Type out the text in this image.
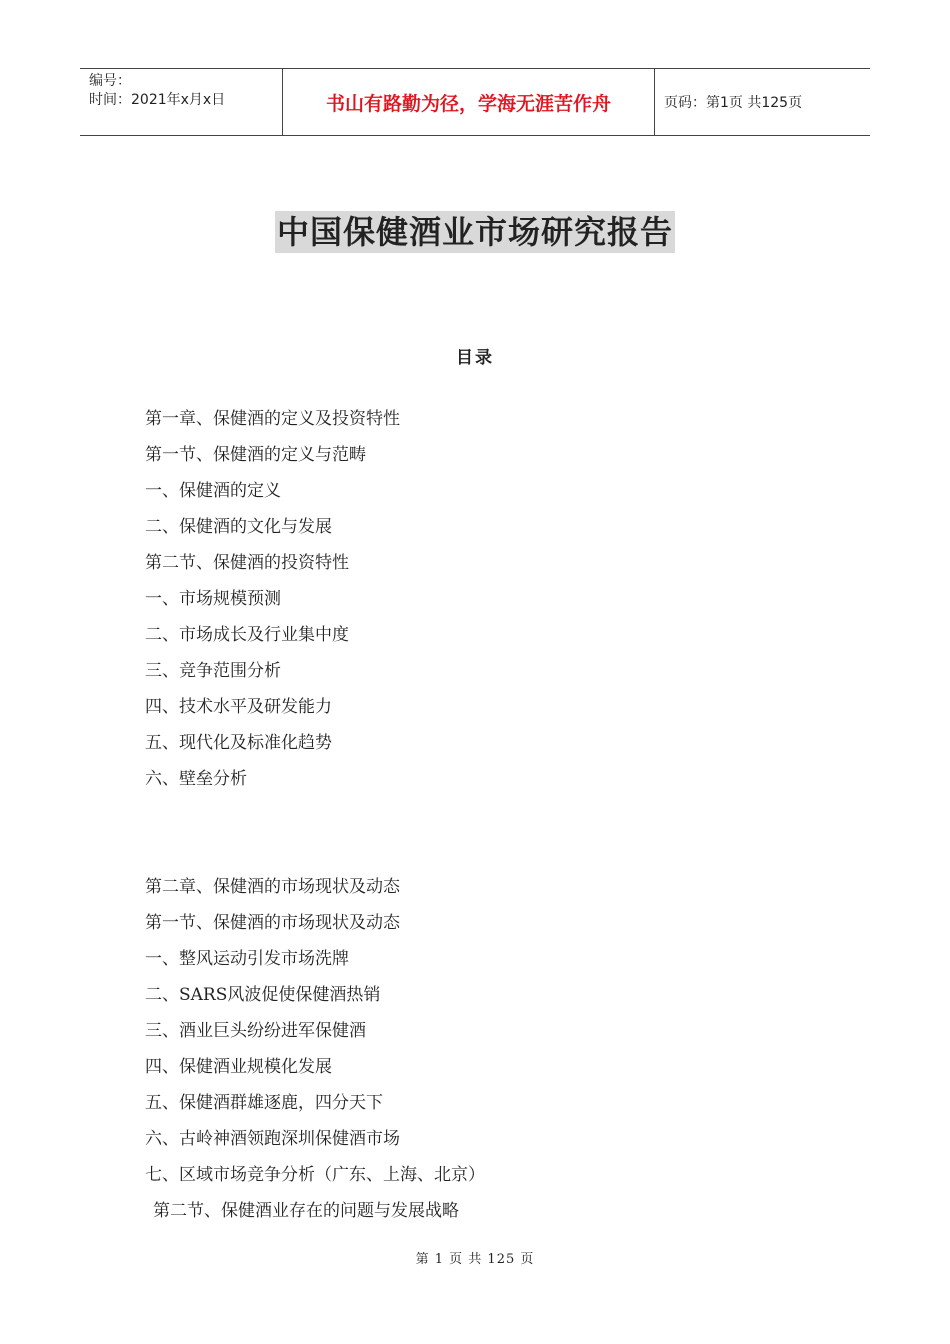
编号：
时间：2021年x月x日	书山有路勤为径，学海无涯苦作舟	页码：第1页 共125页
中国保健酒业市场研究报告
目录
第一章、保健酒的定义及投资特性
第一节、保健酒的定义与范畴
一、保健酒的定义
二、保健酒的文化与发展
第二节、保健酒的投资特性
一、市场规模预测
二、市场成长及行业集中度
三、竞争范围分析
四、技术水平及研发能力
五、现代化及标准化趋势
六、壁垒分析
第二章、保健酒的市场现状及动态
第一节、保健酒的市场现状及动态
一、整风运动引发市场洗牌
二、SARS风波促使保健酒热销
三、酒业巨头纷纷进军保健酒
四、保健酒业规模化发展
五、保健酒群雄逐鹿，四分天下
六、古岭神酒领跑深圳保健酒市场
七、区域市场竞争分析（广东、上海、北京）
第二节、保健酒业存在的问题与发展战略
第 1 页 共 125 页
